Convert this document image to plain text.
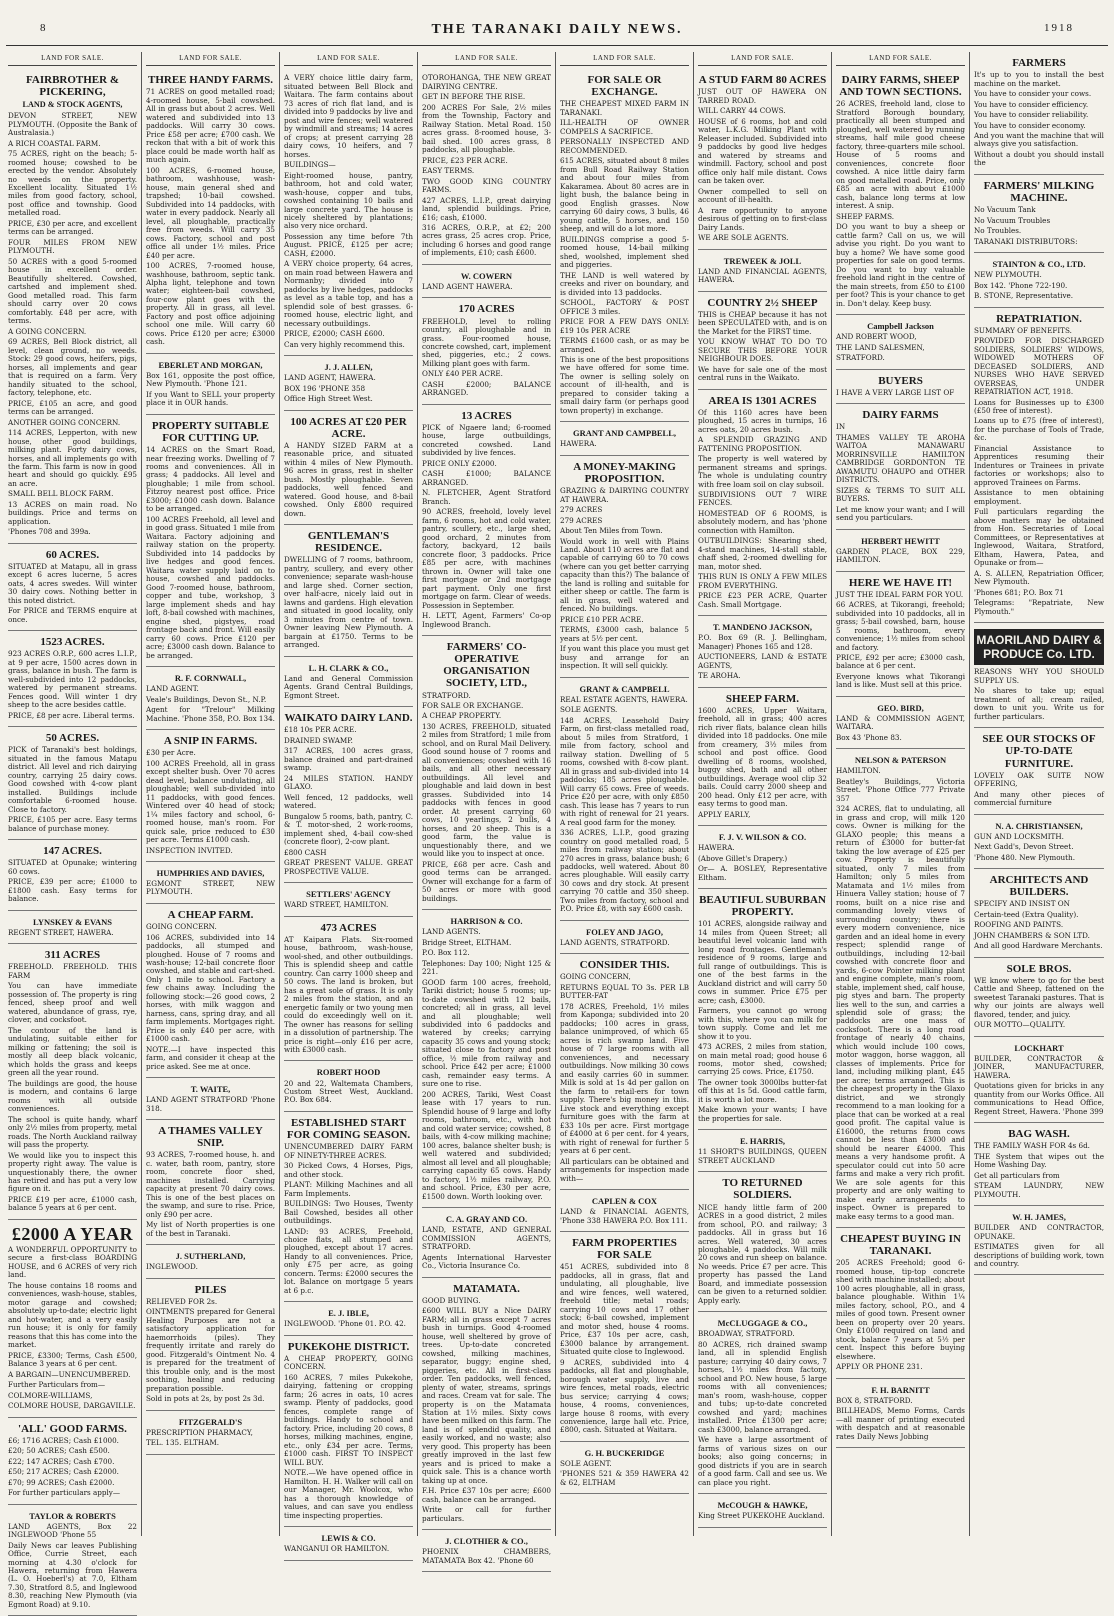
8	THE TARANAKI DAILY NEWS.	1918
LAND FOR SALE.
FAIRBROTHER & PICKERING,
LAND & STOCK AGENTS,

DEVON STREET, NEW PLYMOUTH. (Opposite the Bank of Australasia.)

A RICH COASTAL FARM.

75 ACRES, right on the beach; 5-roomed house; cowshed to be erected by the vendor. Absolutely no weeds on the property. Excellent locality. Situated 1½ miles from good factory, school, post office and township. Good metalled road.

PRICE, £30 per acre, and excellent terms can be arranged.

FOUR MILES FROM NEW PLYMOUTH.

50 ACRES with a good 5-roomed house in excellent order. Beautifully sheltered. Cowshed, cartshed and implement shed. Good metalled road. This farm should carry over 20 cows comfortably. £48 per acre, with terms.

A GOING CONCERN.

69 ACRES, Bell Block district, all level, clean ground, no weeds. Stock: 29 good cows, heifers, pigs, horses, all implements and gear that is required on a farm. Very handily situated to the school, factory, telephone, etc.

PRICE, £105 an acre, and good terms can be arranged.

ANOTHER GOING CONCERN.

114 ACRES, Lepperton, with new house, other good buildings, milking plant. Forty dairy cows, horses, and all implements go with the farm. This farm is now in good heart and should go quickly. £95 an acre.

SMALL BELL BLOCK FARM.

13 ACRES on main road. No buildings. Price and terms on application.

'Phones 708 and 399a.

60 ACRES.

SITUATED at Matapu, all in grass except 6 acres lucerne, 5 acres oats, 4 acres swedes. Will winter 30 dairy cows. Nothing better in this noted district.

For PRICE and TERMS enquire at once.

1523 ACRES.

923 ACRES O.R.P., 600 acres L.I.P., at 9 per acre, 1500 acres down in grass, balance in bush. The farm is well-subdivided into 12 paddocks, watered by permanent streams. Fences good. Will winter 1 dry sheep to the acre besides cattle.

PRICE, £8 per acre. Liberal terms.

50 ACRES.

PICK of Taranaki's best holdings, situated in the famous Matapu district. All level and rich dairying country, carrying 25 dairy cows. Good cowshed with 4-cow plant installed. Buildings include comfortable 6-roomed house. Close to factory.

PRICE, £105 per acre. Easy terms balance of purchase money.

147 ACRES.

SITUATED at Opunake; wintering 60 cows.

PRICE, £39 per acre; £1000 to £1800 cash. Easy terms for balance.

LYNSKEY & EVANS

REGENT STREET, HAWERA.

311 ACRES

FREEHOLD. FREEHOLD. THIS FARM

You can have immediate possession of. The property is ring fenced, sheep proof and well watered, abundance of grass, rye, clover, and cocksfoot.

The contour of the land is undulating, suitable either for milking or fattening; the soil is mostly all deep black volcanic, which holds the grass and keeps green all the year round.

The buildings are good, the house is modern, and contains 6 large rooms with all outside conveniences.

The school is quite handy, wharf only 2½ miles from property, metal roads. The North Auckland railway will pass the property.

We would like you to inspect this property right away. The value is unquestionably there, the owner has retired and has put a very low figure on it.

PRICE £19 per acre, £1000 cash, balance 5 years at 6 per cent.

£2000 A YEAR

A WONDERFUL OPPORTUNITY to secure a first-class BOARDING HOUSE, and 6 ACRES of very rich land.

The house contains 18 rooms and conveniences, wash-house, stables, motor garage and cowshed; absolutely up-to-date; electric light and hot-water, and a very easily run house; it is only for family reasons that this has come into the market.

PRICE, £3300; Terms, Cash £500, Balance 3 years at 6 per cent.

A BARGAIN—UNENCUMBERED.

Further Particulars from—

COLMORE-WILLIAMS,

COLMORE HOUSE, DARGAVILLE.

'ALL' GOOD FARMS.

£6; 1716 ACRES; Cash £1000.

£20; 50 ACRES; Cash £500.

£22; 147 ACRES; Cash £700.

£50; 217 ACRES; Cash £2000.

£70; 99 ACRES; Cash £2000.

For further particulars apply—

TAYLOR & ROBERTS

LAND AGENTS, Box 22 INGLEWOOD 'Phone 55

Daily News car leaves Publishing Office, Currie Street, each morning at 4.30 o'clock for Hawera, returning from Hawera (L. O. Hoeberl's) at 7.0, Eltham 7.30, Stratford 8.5, and Inglewood 8.30, reaching New Plymouth (via Egmont Road) at 9.10.

LAND FOR SALE.
THREE HANDY FARMS.

71 ACRES on good metalled road; 4-roomed house, 5-bail cowshed. All in grass but about 2 acres. Well watered and subdivided into 13 paddocks. Will carry 30 cows. Price £58 per acre; £700 cash. We reckon that with a bit of work this place could be made worth half as much again.

100 ACRES, 6-roomed house, bathroom, washhouse, wash-house, main general shed and trapshed; 10-bail cowshed. Subdivided into 14 paddocks, with water in every paddock. Nearly all level, all ploughable, practically free from weeds. Will carry 35 cows. Factory, school and post office all under 1½ miles. Price £40 per acre.

100 ACRES, 7-roomed house, washhouse, bathroom, septic tank. Alpha light, telephone and town water; eighteen-bail cowshed, four-cow plant goes with the property. All in grass, all level. Factory and post office adjoining school one mile. Will carry 60 cows. Price £120 per acre; £3000 cash.

EBERLET AND MORGAN,

Box 161, opposite the post office, New Plymouth. 'Phone 121.

If you Want to SELL your property place it in OUR hands.

PROPERTY SUITABLE FOR CUTTING UP.

14 ACRES on the Smart Road, near freezing works. Dwelling of 7 rooms and conveniences. All in grass; 4 paddocks. All level and ploughable; 1 mile from school. Fitzroy nearest post office. Price £3000; £1000 cash down. Balance to be arranged.

100 ACRES Freehold, all level and in good grass. Situated 1 mile from Waitara. Factory adjoining and railway station on the property. Subdivided into 14 paddocks by live hedges and good fences. Waitara water supply laid on to house, cowshed and paddocks. Good 7-roomed house, bathroom, copper and tube, workshop, 3 large implement sheds and hay loft, 8-bail cowshed with machines, engine shed, pigstyes, road frontage back and front. Will easily carry 60 cows. Price £120 per acre; £3000 cash down. Balance to be arranged.

R. F. CORNWALL,

LAND AGENT.

Veale's Buildings, Devon St., N.P.

Agent for "Trelour" Milking Machine. 'Phone 358, P.O. Box 134.

A SNIP IN FARMS.

£30 per Acre.

100 ACRES Freehold, all in grass except shelter bush. Over 70 acres dead level, balance undulating, all ploughable; well sub-divided into 11 paddocks, with good fences. Wintered over 40 head of stock; 1¼ miles factory and school, 6-roomed house, man's room. For quick sale, price reduced to £30 per acre. Terms £1000 cash.

INSPECTION INVITED.

HUMPHRIES AND DAVIES,

EGMONT STREET, NEW PLYMOUTH.

A CHEAP FARM.

GOING CONCERN.

106 ACRES, subdivided into 14 paddocks, all stumped and ploughed. House of 7 rooms and wash-house; 12-bail concrete floor cowshed, and stable and cart-shed. Only 1 mile to school. Factory a few chains away. Including the following stock:—26 good cows, 2 horses, with milk waggon and harness, cans, spring dray, and all farm implements. Mortgages right. Price is only £40 per acre, with £1000 cash.

NOTE.—I have inspected this farm, and consider it cheap at the price asked. See me at once.

T. WAITE,

LAND AGENT STRATFORD 'Phone 318.

A THAMES VALLEY SNIP.

93 ACRES, 7-roomed house, h. and c. water, bath room, pantry, store room, concrete floor shed, machines installed. Carrying capacity at present 70 dairy cows. This is one of the best places on the swamp, and sure to rise. Price, only £90 per acre.

My list of North properties is one of the best in Taranaki.

J. SUTHERLAND,

INGLEWOOD.

PILES

RELIEVED FOR 2s.

OINTMENTS prepared for General Healing Purposes are not a satisfactory application for haemorrhoids (piles). They frequently irritate and rarely do good. Fitzgerald's Ointment No. 4 is prepared for the treatment of this trouble only, and is the most soothing, healing and reducing preparation possible.

Sold in pots at 2s, by post 2s 3d.

FITZGERALD'S

PRESCRIPTION PHARMACY,

TEL. 135. ELTHAM.

LAND FOR SALE.

A VERY choice little dairy farm, situated between Bell Block and Waitara. The farm contains about 73 acres of rich flat land, and is divided into 9 paddocks by live and post and wire fences; well watered by windmill and streams; 14 acres of crops; at present carrying 28 dairy cows, 10 heifers, and 7 horses.

BUILDINGS—

Eight-roomed house, pantry, bathroom, hot and cold water, wash-house, copper and tubs, cowshed containing 10 bails and large concrete yard. The house is nicely sheltered by plantations; also very nice orchard.

Possession any time before 7th August. PRICE, £125 per acre; CASH, £2000.

A VERY choice property, 64 acres, on main road between Hawera and Normanby; divided into 7 paddocks by live hedges, paddocks as level as a table top, and has a splendid sole of best grasses. 6-roomed house, electric light, and necessary outbuildings.

PRICE, £2000; CASH £600.

Can very highly recommend this.

J. J. ALLEN,

LAND AGENT, HAWERA.

BOX 196 'PHONE 358

Office High Street West.

100 ACRES AT £20 PER ACRE.

A HANDY SIZED FARM at a reasonable price, and situated within 4 miles of New Plymouth. 96 acres in grass, rest in shelter bush. Mostly ploughable. Seven paddocks, well fenced and watered. Good house, and 8-bail cowshed. Only £800 required down.

GENTLEMAN'S RESIDENCE.

DWELLING of 7 rooms, bathroom, pantry, scullery, and every other convenience; separate wash-house and large shed. Corner section, over half-acre, nicely laid out in lawns and gardens. High elevation and situated in good locality, only 3 minutes from centre of town. Owner leaving New Plymouth. A bargain at £1750. Terms to be arranged.

L. H. CLARK & CO.,

Land and General Commission Agents. Grand Central Buildings, Egmont Street.

WAIKATO DAIRY LAND.

£18 10s PER ACRE.

DRAINED SWAMP.

317 ACRES, 100 acres grass, balance drained and part-drained swamp.

24 MILES STATION. HANDY GLAXO.

Well fenced, 12 paddocks, well watered.

Bungalow 5 rooms, bath, pantry, C. & T. motor-shed, 2 work-rooms, implement shed, 4-bail cow-shed (concrete floor), 2-cow plant.

£800 CASH

GREAT PRESENT VALUE. GREAT PROSPECTIVE VALUE.

SETTLERS' AGENCY

WARD STREET, HAMILTON.

473 ACRES

AT Kaipara Flats. Six-roomed house, bathroom, wash-house, wool-shed, and other outbuildings. This is splendid sheep and cattle country. Can carry 1000 sheep and 50 cows. The land is broken, but has a great sole of grass. It is only 2 miles from the station, and an energetic family or two young men could do exceedingly well on it. The owner has reasons for selling in a dissolution of partnership. The price is right—only £16 per acre, with £3000 cash.

ROBERT HOOD

20 and 22, Waltemata Chambers, Custom Street West, Auckland. P.O. Box 684.

ESTABLISHED START FOR COMING SEASON.

UNENCUMBERED DAIRY FARM OF NINETY-THREE ACRES.

30 Picked Cows, 4 Horses, Pigs, and other stock.

PLANT: Milking Machines and all Farm Implements.

BUILDINGS: Two Houses, Twenty Bail Cowshed, besides all other outbuildings.

LAND: 93 ACRES, Freehold, choice flats, all stumped and ploughed, except about 17 acres. Handy to all conveniences. Price, only £75 per acre, as going concern. Terms: £2000 secures the lot. Balance on mortgage 5 years at 6 p.c.

E. J. IBLE,

INGLEWOOD. 'Phone 01. P.O. 42.

PUKEKOHE DISTRICT.

A CHEAP PROPERTY, GOING CONCERN.

160 ACRES, 7 miles Pukekohe, dairying, fattening or cropping farm; 26 acres in oats, 10 acres swamp. Plenty of paddocks, good fences, complete range of buildings. Handy to school and factory. Price, including 20 cows, 8 horses, milking machines, engine, etc., only £34 per acre. Terms, £1000 cash. FIRST TO INSPECT WILL BUY.

NOTE.—We have opened office in Hamilton. H. H. Walker will call on our Manager, Mr. Woolcox, who has a thorough knowledge of values, and can save you endless time inspecting properties.

LEWIS & CO.

WANGANUI OR HAMILTON.

LAND FOR SALE.

OTOROHANGA, THE NEW GREAT DAIRYING CENTRE.

GET IN BEFORE THE RISE.

200 ACRES For Sale, 2½ miles from the Township, Factory and Railway Station. Metal Road. 150 acres grass. 8-roomed house, 3-bail shed. 100 acres grass, 8 paddocks, all ploughable.

PRICE, £23 PER ACRE.

EASY TERMS.

TWO GOOD KING COUNTRY FARMS.

427 ACRES, L.I.P., great dairying land, splendid buildings. Price, £16; cash, £1000.

316 ACRES, O.R.P., at £2; 200 acres grass, 25 acres crop. Price, including 6 horses and good range of implements, £10; cash £600.

W. COWERN

LAND AGENT HAWERA.

170 ACRES

FREEHOLD, level to rolling country, all ploughable and in grass. Four-roomed house, concrete cowshed, cart, implement shed, piggeries, etc.; 2 cows. Milking plant goes with farm.

ONLY £40 PER ACRE.

CASH £2000; BALANCE ARRANGED.

13 ACRES

PICK of Ngaere land; 6-roomed house, large outbuildings, concreted cowshed. Land subdivided by live fences.

PRICE ONLY £2000.

CASH £1000; BALANCE ARRANGED.

N. FLETCHER, Agent Stratford Branch.

90 ACRES, freehold, lovely level farm, 6 rooms, hot and cold water, pantry, scullery, etc., large shed, good orchard, 2 minutes from factory, backyard, 12 bails concrete floor, 3 paddocks. Price £85 per acre, with machines thrown in. Owner will take one first mortgage or 2nd mortgage part payment. Only one first mortgage on farm. Clear of weeds. Possession in September.

H. LETT, Agent, Farmers' Co-op Inglewood Branch.

FARMERS' CO-OPERATIVE ORGANISATION SOCIETY, LTD.,

STRATFORD.

FOR SALE OR EXCHANGE.

A CHEAP PROPERTY.

130 ACRES, FREEHOLD, situated 2 miles from Stratford; 1 mile from school, and on Rural Mail Delivery. Good sound house of 7 rooms and all conveniences; cowshed with 16 bails, and all other necessary outbuildings. All level and ploughable and laid down in best grasses. Subdivided into 14 paddocks with fences in good order. At present carrying 60 cows, 10 yearlings, 2 bulls, 4 horses, and 20 sheep. This is a good farm, the value is unquestionably there, and we would like you to inspect at once.

PRICE, £68 per acre. Cash and good terms can be arranged. Owner will exchange for a farm of 50 acres or more with good buildings.

HARRISON & CO.

LAND AGENTS.

Bridge Street, ELTHAM.

P.O. Box 112.

Telephones: Day 100; Night 125 & 221.

GOOD farm 100 acres, freehold, Tariki district; house 5 rooms; up-to-date cowshed with 12 bails, concreted; all in grass, all level and all ploughable; well subdivided into 6 paddocks and watered by creeks; carrying capacity 35 cows and young stock; situated close to factory and post office, ½ mile from railway and school. Price £42 per acre; £1000 cash, remainder easy terms. A sure one to rise.

200 ACRES, Tariki, West Coast lease with 17 years to run. Splendid house of 9 large and lofty rooms, bathroom, etc., with hot and cold water service; cowshed, 8 bails, with 4-cow milking machine; 100 acres, balance shelter bush; is well watered and subdivided; almost all level and all ploughable; carrying capacity 65 cows. Handy to factory, 1½ miles railway, P.O. and school. Price, £30 per acre, £1500 down. Worth looking over.

C. A. GRAY AND CO.

LAND, ESTATE, AND GENERAL COMMISSION AGENTS, STRATFORD.

Agents International Harvester Co., Victoria Insurance Co.

MATAMATA.

GOOD BUYING.

£600 WILL BUY a Nice DAIRY FARM; all in grass except 7 acres bush in turnips. Good 4-roomed house, well sheltered by grove of trees. Up-to-date concreted cowshed, milking machines, separator, buggy; engine shed, piggeries, etc. All in first-class order. Ten paddocks, well fenced, plenty of water, streams, springs and races. Cream vat for sale. The property is on the Matamata Station at 1½ miles. Sixty cows have been milked on this farm. The land is of splendid quality, and easily worked, and no waste; also very good. This property has been greatly improved in the last few years and is priced to make a quick sale. This is a chance worth taking up at once.

F.H. Price £37 10s per acre; £600 cash, balance can be arranged.

Write or call for further particulars.

J. CLOTHIER & CO.,

PHOENIX CHAMBERS, MATAMATA Box 42. 'Phone 60

LAND FOR SALE.
FOR SALE OR EXCHANGE.

THE CHEAPEST MIXED FARM IN TARANAKI.

ILL-HEALTH OF OWNER COMPELS A SACRIFICE.

PERSONALLY INSPECTED AND RECOMMENDED.

615 ACRES, situated about 8 miles from Bull Road Railway Station and about four miles from Kakaramea. About 80 acres are in light bush, the balance being in good English grasses. Now carrying 60 dairy cows, 3 bulls, 46 young cattle, 5 horses, and 150 sheep, and will do a lot more.

BUILDINGS comprise a good 5-roomed house, 14-bail milking shed, woolshed, implement shed and piggeries.

THE LAND is well watered by creeks and river on boundary, and is divided into 13 paddocks.

SCHOOL, FACTORY & POST OFFICE 3 miles.

PRICE FOR A FEW DAYS ONLY: £19 10s PER ACRE

TERMS £1600 cash, or as may be arranged.

This is one of the best propositions we have offered for some time. The owner is selling solely on account of ill-health, and is prepared to consider taking a small dairy farm (or perhaps good town property) in exchange.

GRANT AND CAMPBELL,

HAWERA.

A MONEY-MAKING PROPOSITION.

GRAZING & DAIRYING COUNTRY AT HAWERA.

279 ACRES

279 ACRES

About Ten Miles from Town.

Would work in well with Plains Land. About 110 acres are flat and capable of carrying 60 to 70 cows (where can you get better carrying capacity than this?) The balance of the land is rolling and suitable for either sheep or cattle. The farm is all in grass, well watered and fenced. No buildings.

PRICE £10 PER ACRE.

TERMS, £3000 cash, balance 5 years at 5½ per cent.

If you want this place you must get busy and arrange for an inspection. It will sell quickly.

GRANT & CAMPBELL

REAL ESTATE AGENTS, HAWERA.

SOLE AGENTS.

148 ACRES, Leasehold Dairy Farm, on first-class metalled road, about 5 miles from Stratford, 1 mile from factory, school and railway station. Dwelling of 5 rooms, cowshed with 8-cow plant. All in grass and sub-divided into 14 paddocks; 185 acres ploughable. Will carry 65 cows. Free of weeds. Price £20 per acre, with only £850 cash. This lease has 7 years to run with right of renewal for 21 years. A real good farm for the money.

336 ACRES, L.I.P., good grazing country on good metalled road, 5 miles from railway station; about 270 acres in grass, balance bush; 6 paddocks, well watered. About 80 acres ploughable. Will easily carry 30 cows and dry stock. At present carrying 70 cattle and 350 sheep. Two miles from factory, school and P.O. Price £8, with say £600 cash.

FOLEY AND JAGO,

LAND AGENTS, STRATFORD.

CONSIDER THIS.

GOING CONCERN,

RETURNS EQUAL TO 3s. PER LB BUTTER-FAT

178 ACRES, Freehold, 1½ miles from Kaponga; subdivided into 20 paddocks; 100 acres in grass, balance unimproved, of which 65 acres is rich swamp land. Five house of 7 large rooms with all conveniences, and necessary outbuildings. Now milking 30 cows and easily carries 60 in summer. Milk is sold at 1s 4d per gallon on the farm to retail-ers for town supply. There's big money in this. Live stock and everything except furniture goes with the farm at £33 10s per acre. First mortgage of £4000 at 6 per cent. for 4 years, with right of renewal for further 5 years at 6 per cent.

All particulars can be obtained and arrangements for inspection made with—

CAPLEN & COX

LAND & FINANCIAL AGENTS, 'Phone 338 HAWERA P.O. Box 111.

FARM PROPERTIES FOR SALE

451 ACRES, subdivided into 8 paddocks, all in grass, flat and undulating, all ploughable, live and wire fences, well watered, freehold title; metal roads; carrying 10 cows and 17 other stock; 6-bail cowshed, implement and motor shed, house 4 rooms. Price, £37 10s per acre, cash, £3000 balance by arrangement. Situated quite close to Inglewood.

9 ACRES, subdivided into 4 paddocks, all flat and ploughable, borough water supply, live and wire fences, metal roads, electric bus service; carrying 4 cows; house, 4 rooms, conveniences, large house 8 rooms, with every convenience, large hall etc. Price, £800, cash. Situated at Waitara.

G. H. BUCKERIDGE

SOLE AGENT.

'PHONES 521 & 359 HAWERA 42 & 62, ELTHAM

LAND FOR SALE.
A STUD FARM 80 ACRES

JUST OUT OF HAWERA ON TARRED ROAD.

WILL CARRY 44 COWS.

HOUSE of 6 rooms, hot and cold water, L.K.G. Milking Plant with Releaser included. Subdivided into 9 paddocks by good live hedges and watered by streams and windmill. Factory, school and post office only half mile distant. Cows can be taken over.

Owner compelled to sell on account of ill-health.

A rare opportunity to anyone desirous of getting on to first-class Dairy Lands.

WE ARE SOLE AGENTS.

TREWEEK & JOLL

LAND AND FINANCIAL AGENTS, HAWERA.

COUNTRY 2½ SHEEP

THIS is CHEAP because it has not been SPECULATED with, and is on the Market for the FIRST time.

YOU KNOW WHAT TO DO TO SECURE THIS BEFORE YOUR NEIGHBOUR DOES.

We have for sale one of the most central runs in the Waikato.

AREA IS 1301 ACRES

Of this 1160 acres have been ploughed, 15 acres in turnips, 16 acres oats, 20 acres bush.

A SPLENDID GRAZING AND FATTENING PROPOSITION.

The property is well watered by permanent streams and springs. The whole is undulating country with free loam soil on clay subsoil.

SUBDIVISIONS OUT 7 WIRE FENCES.

HOMESTEAD OF 6 ROOMS, is absolutely modern, and has 'phone connection with Hamilton.

OUTBUILDINGS: Shearing shed, 4-stand machines, 14-stall stable, chaff shed, 2-roomed dwelling for man, motor shed.

THIS RUN IS ONLY A FEW MILES FROM EVERYTHING.

PRICE £23 PER ACRE, Quarter Cash. Small Mortgage.

T. MANDENO JACKSON,

P.O. Box 69 (R. J. Bellingham, Manager) Phones 165 and 128.

AUCTIONEERS, LAND & ESTATE AGENTS,

TE AROHA.

SHEEP FARM.

1600 ACRES, Upper Waitara, freehold, all in grass; 400 acres rich river flats, balance clean hills divided into 18 paddocks. One mile from creamery, 3½ miles from school and post office. Good dwelling of 8 rooms, woolshed, buggy shed, bath and all other outbuildings. Average wool clip 32 bails. Could carry 2000 sheep and 200 head. Only £12 per acre, with easy terms to good man.

APPLY EARLY,

F. J. V. WILSON & CO.

HAWERA.

(Above Gillet's Drapery.)

Or— A. BOSLEY, Representative Eltham.

BEAUTIFUL SUBURBAN PROPERTY.

101 ACRES, alongside railway and 14 miles from Queen Street; all beautiful level volcanic land with long road frontages. Gentleman's residence of 9 rooms, large and full range of outbuildings. This is one of the best farms in the Auckland district and will carry 50 cows in summer. Price £75 per acre; cash, £3000.

Farmers, you cannot go wrong with this, where you can milk for town supply. Come and let me show it to you.

473 ACRES, 2 miles from station, on main metal road; good house 6 rooms, motor shed, cowshed; carrying 25 cows. Price, £1750.

The owner took 3000lbs butter-fat off this at 1s 5d. Good cattle farm, it is worth a lot more.

Make known your wants; I have the properties for sale.

E. HARRIS,

11 SHORT'S BUILDINGS, QUEEN STREET AUCKLAND

TO RETURNED SOLDIERS.

NICE handy little farm of 200 ACRES in a good district, 2 miles from school, P.O. and railway; 3 paddocks. All in grass but 16 acres. Well watered, 30 acres ploughable, 4 paddocks. Will milk 20 cows and run sheep on balance. No weeds. Price £7 per acre. This property has passed the Land Board, and immediate possession can be given to a returned soldier. Apply early.

McCLUGGAGE & CO.,

BROADWAY, STRATFORD.

80 ACRES, rich drained swamp land, all in splendid English pasture; carrying 40 dairy cows, 7 horses, 1½ miles from factory, school and P.O. New house, 5 large rooms with all conveniences; man's room, wash-house, copper and tubs; up-to-date concreted cowshed and yard; machines installed. Price £1300 per acre; cash £3000, balance arranged.

We have a large assortment of farms of various sizes on our books; also going concerns; in good districts if you are in search of a good farm. Call and see us. We can place you right.

McCOUGH & HAWKE,

King Street PUKEKOHE Auckland.

LAND FOR SALE.
DAIRY FARMS, SHEEP AND TOWN SECTIONS.

26 ACRES, freehold land, close to Stratford Borough boundary, practically all been stumped and ploughed, well watered by running streams, half mile good cheese factory, three-quarters mile school. House of 5 rooms and conveniences, concrete floor cowshed. A nice little dairy farm on good metalled road. Price, only £85 an acre with about £1000 cash, balance long terms at low interest. A snip.

SHEEP FARMS.

DO you want to buy a sheep or cattle farm? Call on us, we will advise you right. Do you want to buy a home? We have some good properties for sale on good terms. Do you want to buy valuable freehold land right in the centre of the main streets, from £50 to £100 per foot? This is your chance to get in. Don't delay. Keep busy.

Campbell Jackson

AND ROBERT WOOD,

THE LAND SALESMEN,

STRATFORD.

BUYERS

I HAVE A VERY LARGE LIST OF

DAIRY FARMS

IN

THAMES VALLEY TE AROHA WAITOA MANAWARU MORRINSVILLE HAMILTON CAMBRIDGE GORDONTON TE AWAMUTU OHAUPO and OTHER DISTRICTS.

SIZES & TERMS TO SUIT ALL BUYERS.

Let me know your want; and I will send you particulars.

HERBERT HEWITT

GARDEN PLACE, BOX 229, HAMILTON.

HERE WE HAVE IT!

JUST THE IDEAL FARM FOR YOU.

66 ACRES, at Tikorangi, freehold; subdivided into 10 paddocks, all in grass; 5-bail cowshed, barn, house 5 rooms, bathroom, every convenience; 1½ miles from school and factory.

PRICE, £92 per acre; £3000 cash, balance at 6 per cent.

Everyone knows what Tikorangi land is like. Must sell at this price.

GEO. BIRD,

LAND & COMMISSION AGENT, WAITARA.

Box 43 'Phone 83.

NELSON & PATERSON

HAMILTON.

Beatley's Buildings, Victoria Street. 'Phone Office 777 Private 357

324 ACRES, flat to undulating, all in grass and crop, will milk 120 cows. Owner is milking for the GLAXO people; this means a return of £3000 for butter-fat taking the low average of £25 per cow. Property is beautifully situated, only 7 miles from Hamilton; only 5 miles from Matamata and 1½ miles from Hinuera Valley station; house of 7 rooms, built on a nice rise and commanding lovely views of surrounding country; there is every modern convenience, nice garden and an ideal home in every respect; splendid range of outbuildings, including 12-bail cowshed with concrete floor and yards, 6-cow Pointer milking plant and engine complete, man's room, stable, implement shed, calf house, pig styes and barn. The property lies well to the sun, and carries a splendid sole of grass; the paddocks are one mass of cocksfoot. There is a long road frontage of nearly 40 chains, which would include 100 cows, motor waggon, horse waggon, all classes of implements. Price for land, including milking plant, £45 per acre; terms arranged. This is the cheapest property in the Glaxo district, and we strongly recommend to a man looking for a place that can be worked at a real good profit. The capital value is £16000, the returns from cows cannot be less than £3000 and should be nearer £4000. This means a very handsome profit. A speculator could cut into 50 acre farms and make a very rich profit. We are sole agents for this property and are only waiting to make early arrangements to inspect. Owner is prepared to make easy terms to a good man.

CHEAPEST BUYING IN TARANAKI.

205 ACRES Freehold; good 6-roomed house, tip-top concrete shed with machine installed; about 100 acres ploughable, all in grass, balance ploughable. Within 1¼ miles factory, school, P.O., and 4 miles of good town. Present owner been on property over 20 years. Only £1000 required on land and stock, balance 7 years at 5½ per cent. Inspect this before buying elsewhere.

APPLY OR PHONE 231.

F. H. BARNITT

BOX 8, STRATFORD.

BILLHEADS, Memo Forms, Cards—all manner of printing executed with despatch and at reasonable rates Daily News Jobbing

FARMERS

It's up to you to install the best machine on the market.

You have to consider your cows.

You have to consider efficiency.

You have to consider reliability.

You have to consider economy.

And you want the machine that will always give you satisfaction.

Without a doubt you should install the

FARMERS' MILKING MACHINE.

No Vacuum Tank

No Vacuum Troubles

No Troubles.

TARANAKI DISTRIBUTORS:

STAINTON & CO., LTD.

NEW PLYMOUTH.

Box 142. 'Phone 722-190.

B. STONE, Representative.

REPATRIATION.

SUMMARY OF BENEFITS.

PROVIDED FOR DISCHARGED SOLDIERS, SOLDIERS' WIDOWS, WIDOWED MOTHERS OF DECEASED SOLDIERS, AND NURSES WHO HAVE SERVED OVERSEAS, UNDER REPATRIATION ACT, 1918.

Loans for Businesses up to £300 (£50 free of interest).

Loans up to £75 (free of interest), for the purchase of Tools of Trade, &c.

Financial Assistance to Apprentices resuming their Indentures or Trainees in private factories or workshops; also to approved Trainees on Farms.

Assistance to men obtaining employment.

Full particulars regarding the above matters may be obtained from Hon. Secretaries of Local Committees, or Representatives at Inglewood, Waitara, Stratford, Eltham, Hawera, Patea, and Opunake or from—

A. S. ALLEN, Repatriation Officer, New Plymouth.

'Phones 681; P.O. Box 71

Telegrams: "Repatriate, New Plymouth."

MAORILAND DAIRY & PRODUCE Co. LTD.

REASONS WHY YOU SHOULD SUPPLY US.

No shares to take up; equal treatment of all; cream railed, down to unit you. Write us for further particulars.

SEE OUR STOCKS OF UP-TO-DATE FURNITURE.

LOVELY OAK SUITE NOW OFFERING,

And many other pieces of commercial furniture

N. A. CHRISTIANSEN,

GUN AND LOCKSMITH.

Next Gadd's, Devon Street.

'Phone 480. New Plymouth.

ARCHITECTS AND BUILDERS.

SPECIFY AND INSIST ON

Certain-teed (Extra Quality).

ROOFING AND PAINTS.

JOHN CHAMBERS & SON LTD.

And all good Hardware Merchants.

SOLE BROS.

WE know where to go for the best Cattle and Sheep, fattened on the sweetest Taranaki pastures. That is why our joints are always well flavored, tender, and juicy.

OUR MOTTO—QUALITY.

LOCKHART

BUILDER, CONTRACTOR & JOINER, MANUFACTURER, HAWERA.

Quotations given for bricks in any quantity from our Works Office. All communications to Head Office, Regent Street, Hawera. 'Phone 399

BAG WASH.

THE FAMILY WASH FOR 4s 6d.

THE System that wipes out the Home Washing Day.

Get all particulars from

STEAM LAUNDRY, NEW PLYMOUTH.

W. H. JAMES,

BUILDER AND CONTRACTOR, OPUNAKE.

ESTIMATES given for all descriptions of building work, town and country.
